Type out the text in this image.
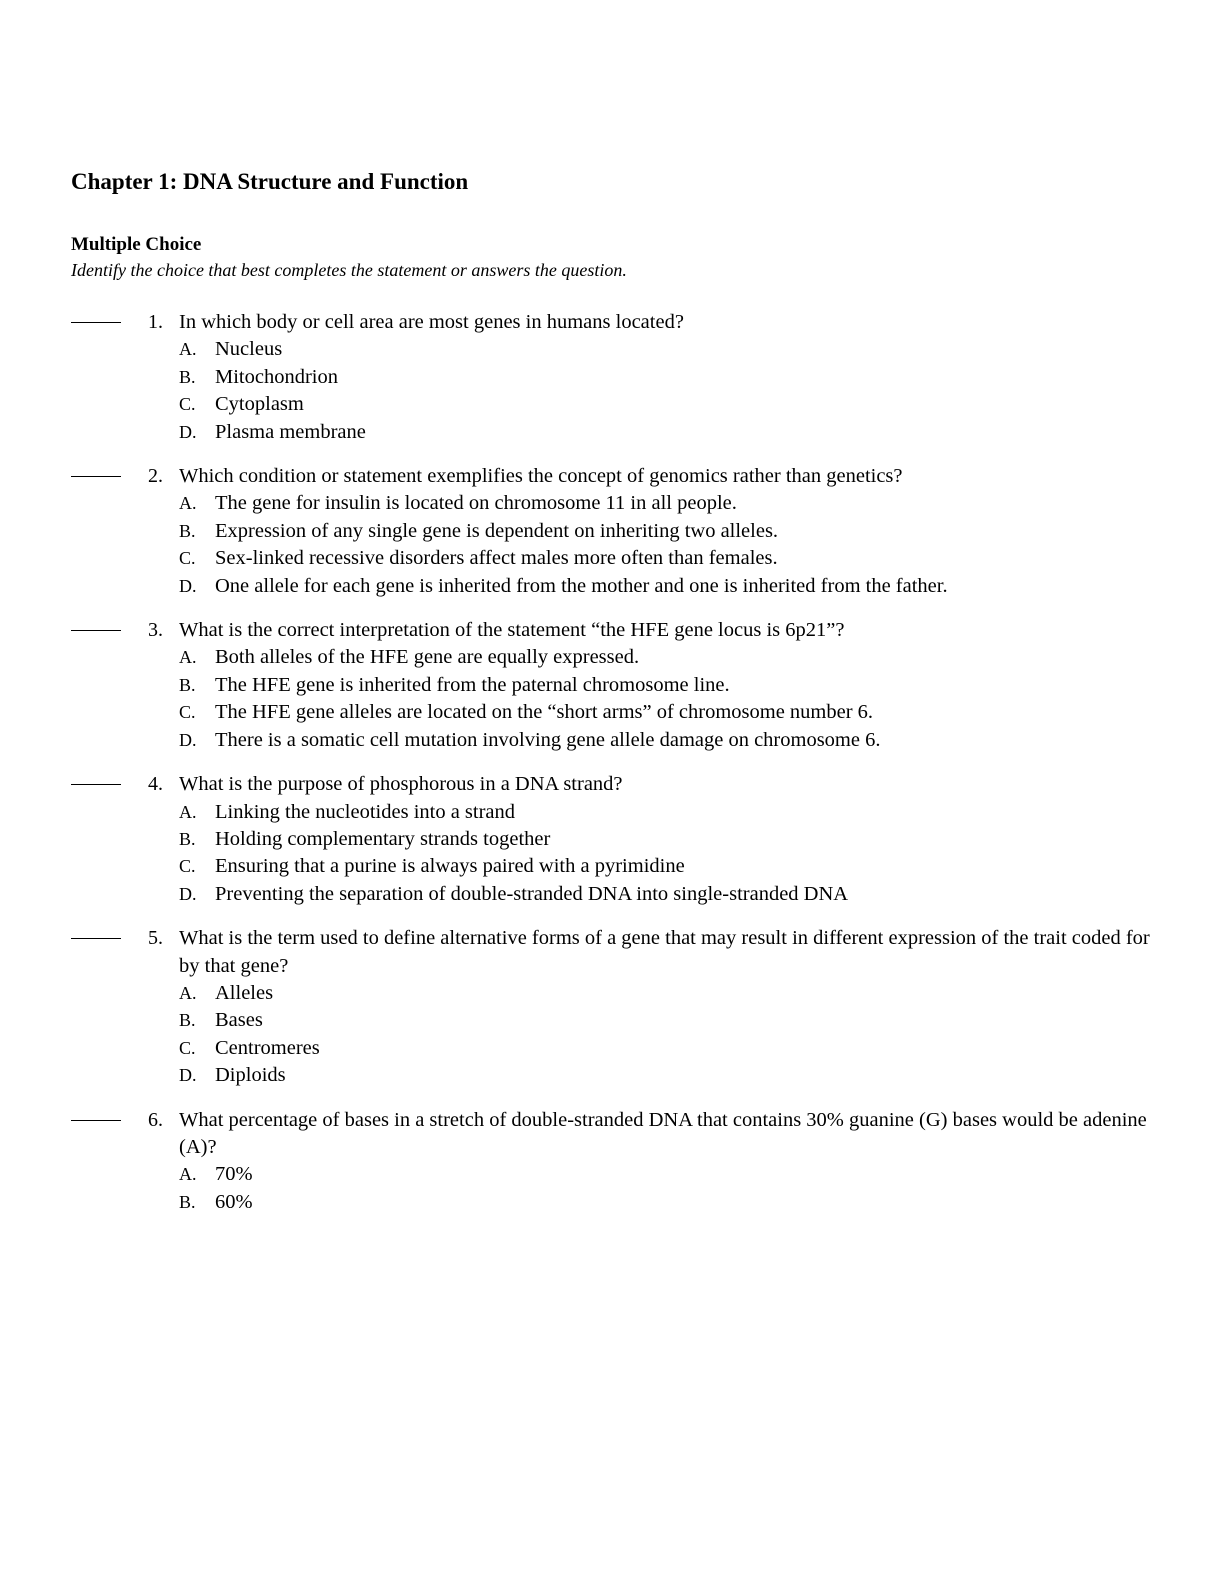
Chapter 1: DNA Structure and Function
Multiple Choice

Identify the choice that best completes the statement or answers the question.

1. In which body or cell area are most genes in humans located?
A. Nucleus
B. Mitochondrion
C. Cytoplasm
D. Plasma membrane
2. Which condition or statement exemplifies the concept of genomics rather than genetics?
A. The gene for insulin is located on chromosome 11 in all people.
B. Expression of any single gene is dependent on inheriting two alleles.
C. Sex-linked recessive disorders affect males more often than females.
D. One allele for each gene is inherited from the mother and one is inherited from the father.
3. What is the correct interpretation of the statement “the HFE gene locus is 6p21”?
A. Both alleles of the HFE gene are equally expressed.
B. The HFE gene is inherited from the paternal chromosome line.
C. The HFE gene alleles are located on the “short arms” of chromosome number 6.
D. There is a somatic cell mutation involving gene allele damage on chromosome 6.
4. What is the purpose of phosphorous in a DNA strand?
A. Linking the nucleotides into a strand
B. Holding complementary strands together
C. Ensuring that a purine is always paired with a pyrimidine
D. Preventing the separation of double-stranded DNA into single-stranded DNA
5. What is the term used to define alternative forms of a gene that may result in different expression of the trait coded for by that gene?
A. Alleles
B. Bases
C. Centromeres
D. Diploids
6. What percentage of bases in a stretch of double-stranded DNA that contains 30% guanine (G) bases would be adenine (A)?
A. 70%
B. 60%
